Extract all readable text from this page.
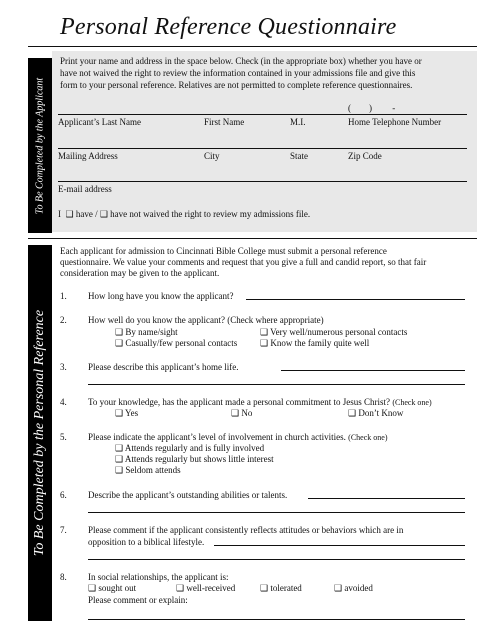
Personal Reference Questionnaire
To Be Completed by the Applicant
Print your name and address in the space below. Check (in the appropriate box) whether you have or
have not waived the right to review the information contained in your admissions file and give this
form to your personal reference. Relatives are not permitted to complete reference questionnaires.
(        )         -
Applicant’s Last Name	First Name	M.I.	Home Telephone Number
Mailing Address	City	State	Zip Code
E-mail address
I  ❑ have / ❑ have not waived the right to review my admissions file.
To Be Completed by the Personal Reference
Each applicant for admission to Cincinnati Bible College must submit a personal reference
questionnaire. We value your comments and request that you give a full and candid report, so that fair
consideration may be given to the applicant.
1. How long have you know the applicant?
2. How well do you know the applicant? (Check where appropriate)
❑ By name/sight	❑ Very well/numerous personal contacts
❑ Casually/few personal contacts	❑ Know the family quite well
3. Please describe this applicant’s home life.
4. To your knowledge, has the applicant made a personal commitment to Jesus Christ? (Check one)
❑ Yes	❑ No	❑ Don’t Know
5. Please indicate the applicant’s level of involvement in church activities. (Check one)
❑ Attends regularly and is fully involved
❑ Attends regularly but shows little interest
❑ Seldom attends
6. Describe the applicant’s outstanding abilities or talents.
7. Please comment if the applicant consistently reflects attitudes or behaviors which are in
opposition to a biblical lifestyle.
8. In social relationships, the applicant is:
❑ sought out	❑ well-received	❑ tolerated	❑ avoided
Please comment or explain:
